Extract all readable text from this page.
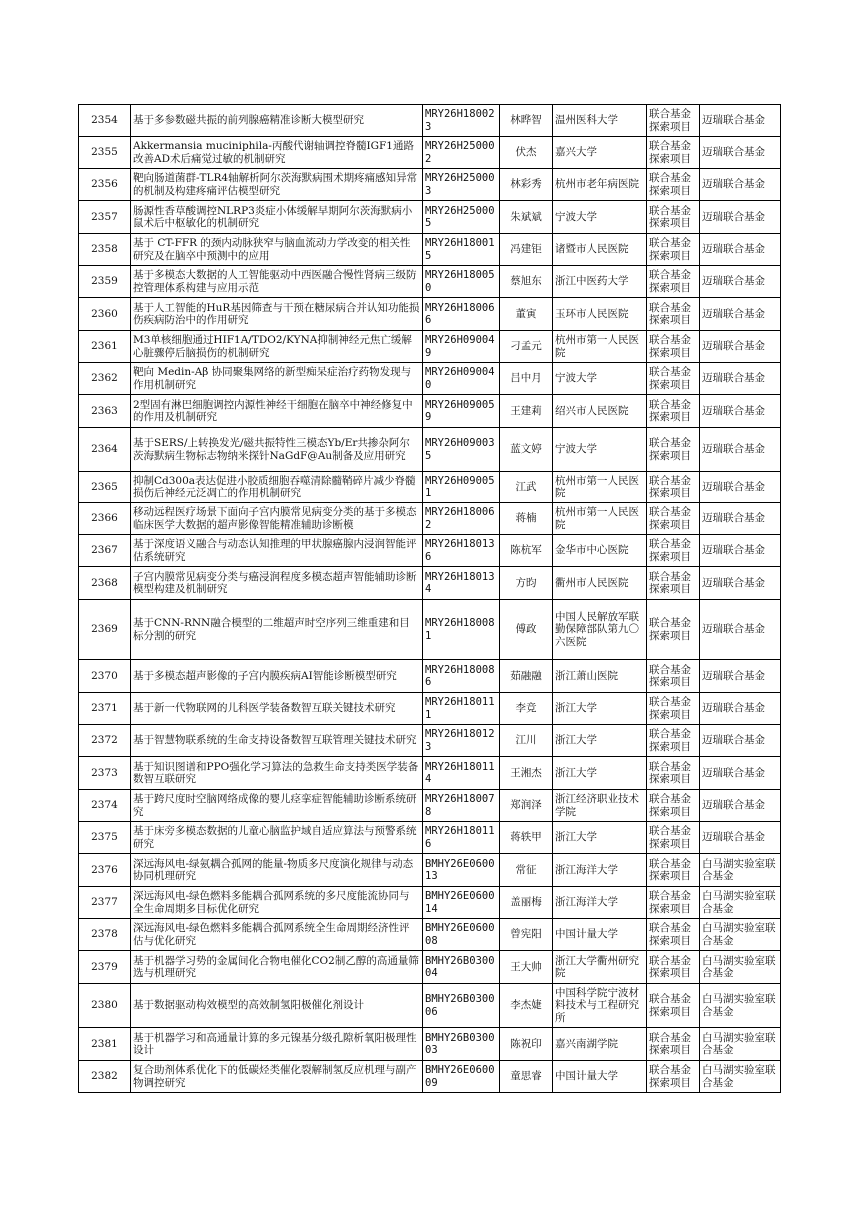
2354	基于多参数磁共振的前列腺癌精准诊断大模型研究	MRY26H180023	林晔智	温州医科大学	联合基金探索项目	迈瑞联合基金
2355	Akkermansia muciniphila-丙酸代谢轴调控脊髓IGF1通路改善AD术后痛觉过敏的机制研究	MRY26H250002	伏杰	嘉兴大学	联合基金探索项目	迈瑞联合基金
2356	靶向肠道菌群-TLR4轴解析阿尔茨海默病围术期疼痛感知异常的机制及构建疼痛评估模型研究	MRY26H250003	林彩秀	杭州市老年病医院	联合基金探索项目	迈瑞联合基金
2357	肠源性香草酸调控NLRP3炎症小体缓解早期阿尔茨海默病小鼠术后中枢敏化的机制研究	MRY26H250005	朱斌斌	宁波大学	联合基金探索项目	迈瑞联合基金
2358	基于 CT-FFR 的颈内动脉狭窄与脑血流动力学改变的相关性研究及在脑卒中预测中的应用	MRY26H180015	冯建钜	诸暨市人民医院	联合基金探索项目	迈瑞联合基金
2359	基于多模态大数据的人工智能驱动中西医融合慢性肾病三级防控管理体系构建与应用示范	MRY26H180050	蔡旭东	浙江中医药大学	联合基金探索项目	迈瑞联合基金
2360	基于人工智能的HuR基因筛查与干预在糖尿病合并认知功能损伤疾病防治中的作用研究	MRY26H180066	董寅	玉环市人民医院	联合基金探索项目	迈瑞联合基金
2361	M3单核细胞通过HIF1A/TDO2/KYNA抑制神经元焦亡缓解心脏骤停后脑损伤的机制研究	MRY26H090049	刁孟元	杭州市第一人民医院	联合基金探索项目	迈瑞联合基金
2362	靶向 Medin-Aβ 协同聚集网络的新型痴呆症治疗药物发现与作用机制研究	MRY26H090040	吕中月	宁波大学	联合基金探索项目	迈瑞联合基金
2363	2型固有淋巴细胞调控内源性神经干细胞在脑卒中神经修复中的作用及机制研究	MRY26H090059	王建莉	绍兴市人民医院	联合基金探索项目	迈瑞联合基金
2364	基于SERS/上转换发光/磁共振特性三模态Yb/Er共掺杂阿尔茨海默病生物标志物纳米探针NaGdF@Au制备及应用研究	MRY26H090035	蓝文婷	宁波大学	联合基金探索项目	迈瑞联合基金
2365	抑制Cd300a表达促进小胶质细胞吞噬清除髓鞘碎片减少脊髓损伤后神经元泛凋亡的作用机制研究	MRY26H090051	江武	杭州市第一人民医院	联合基金探索项目	迈瑞联合基金
2366	移动远程医疗场景下面向子宫内膜常见病变分类的基于多模态临床医学大数据的超声影像智能精准辅助诊断模	MRY26H180062	蒋楠	杭州市第一人民医院	联合基金探索项目	迈瑞联合基金
2367	基于深度语义融合与动态认知推理的甲状腺癌腺内浸润智能评估系统研究	MRY26H180136	陈杭军	金华市中心医院	联合基金探索项目	迈瑞联合基金
2368	子宫内膜常见病变分类与癌浸润程度多模态超声智能辅助诊断模型构建及机制研究	MRY26H180134	方昀	衢州市人民医院	联合基金探索项目	迈瑞联合基金
2369	基于CNN-RNN融合模型的二维超声时空序列三维重建和目标分割的研究	MRY26H180081	傅政	中国人民解放军联勤保障部队第九〇六医院	联合基金探索项目	迈瑞联合基金
2370	基于多模态超声影像的子宫内膜疾病AI智能诊断模型研究	MRY26H180086	茹融融	浙江萧山医院	联合基金探索项目	迈瑞联合基金
2371	基于新一代物联网的儿科医学装备数智互联关键技术研究	MRY26H180111	李竞	浙江大学	联合基金探索项目	迈瑞联合基金
2372	基于智慧物联系统的生命支持设备数智互联管理关键技术研究	MRY26H180123	江川	浙江大学	联合基金探索项目	迈瑞联合基金
2373	基于知识图谱和PPO强化学习算法的急救生命支持类医学装备数智互联研究	MRY26H180114	王湘杰	浙江大学	联合基金探索项目	迈瑞联合基金
2374	基于跨尺度时空脑网络成像的婴儿痉挛症智能辅助诊断系统研究	MRY26H180078	郑润泽	浙江经济职业技术学院	联合基金探索项目	迈瑞联合基金
2375	基于床旁多模态数据的儿童心脑监护域自适应算法与预警系统研究	MRY26H180116	蒋轶甲	浙江大学	联合基金探索项目	迈瑞联合基金
2376	深远海风电-绿氨耦合孤网的能量-物质多尺度演化规律与动态协同机理研究	BMHY26E060013	常征	浙江海洋大学	联合基金探索项目	白马湖实验室联合基金
2377	深远海风电-绿色燃料多能耦合孤网系统的多尺度能流协同与全生命周期多目标优化研究	BMHY26E060014	盖丽梅	浙江海洋大学	联合基金探索项目	白马湖实验室联合基金
2378	深远海风电-绿色燃料多能耦合孤网系统全生命周期经济性评估与优化研究	BMHY26E060008	曾宪阳	中国计量大学	联合基金探索项目	白马湖实验室联合基金
2379	基于机器学习势的金属间化合物电催化CO2制乙醇的高通量筛选与机理研究	BMHY26B030004	王大帅	浙江大学衢州研究院	联合基金探索项目	白马湖实验室联合基金
2380	基于数据驱动构效模型的高效制氢阳极催化剂设计	BMHY26B030006	李杰婕	中国科学院宁波材料技术与工程研究所	联合基金探索项目	白马湖实验室联合基金
2381	基于机器学习和高通量计算的多元镍基分级孔隙析氧阳极理性设计	BMHY26B030003	陈祝印	嘉兴南湖学院	联合基金探索项目	白马湖实验室联合基金
2382	复合助剂体系优化下的低碳烃类催化裂解制氢反应机理与副产物调控研究	BMHY26E060009	童思睿	中国计量大学	联合基金探索项目	白马湖实验室联合基金
